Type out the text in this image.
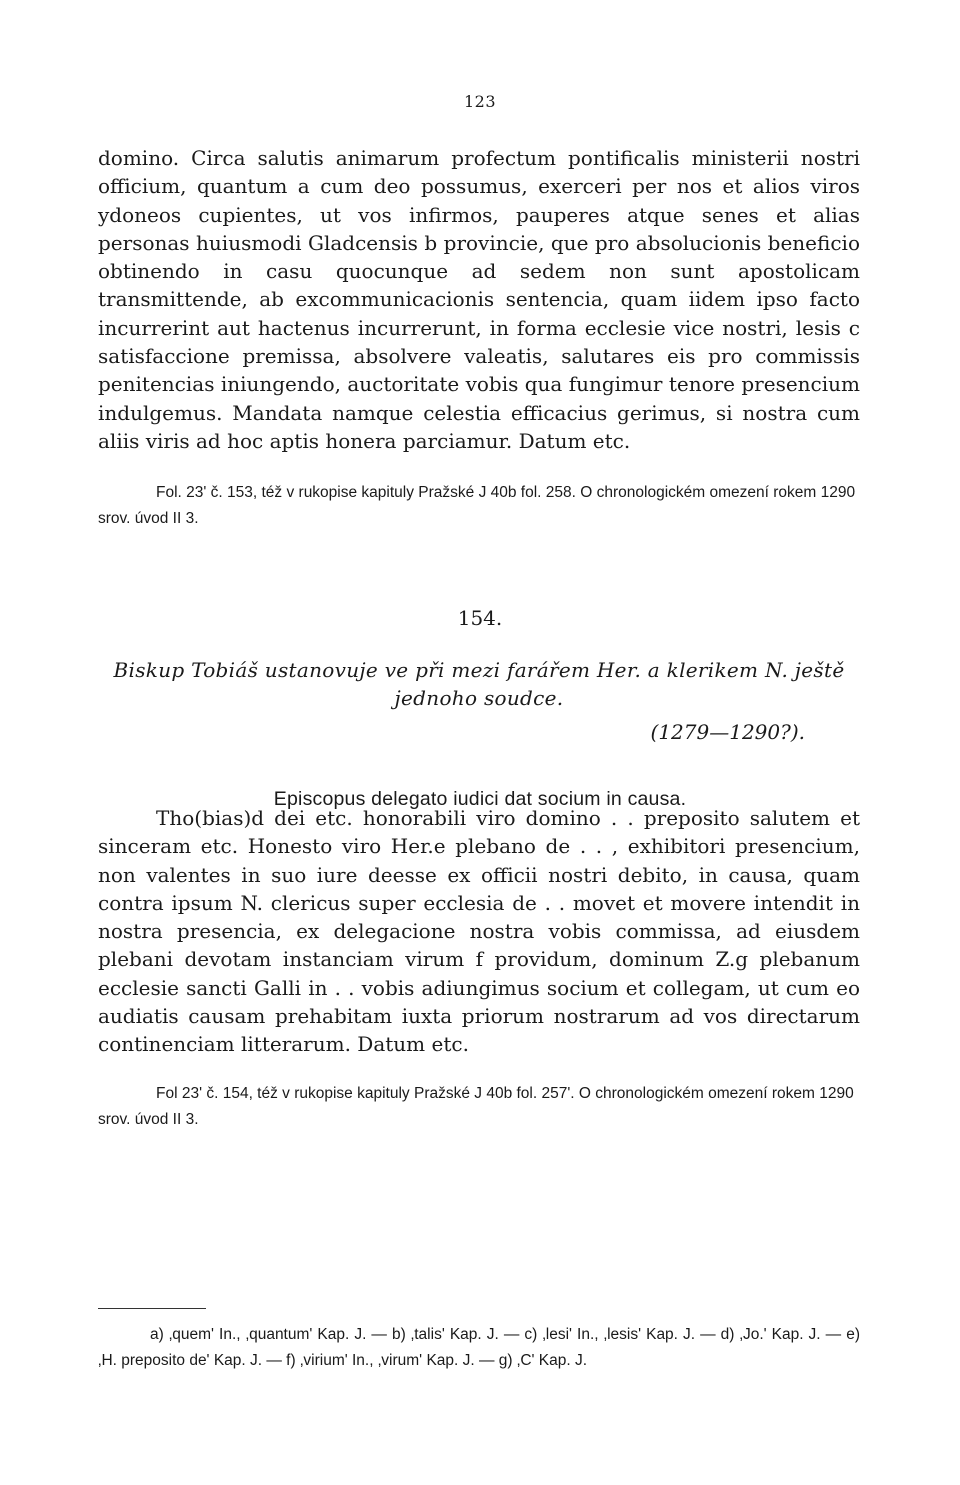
123

domino. Circa salutis animarum profectum pontificalis ministerii nostri officium, quantum a cum deo possumus, exerceri per nos et alios viros ydoneos cupientes, ut vos infirmos, pauperes atque senes et alias personas huiusmodi Gladcensis b provincie, que pro absolucionis beneficio obtinendo in casu quocunque ad sedem non sunt apostolicam transmittende, ab excommunicacionis sentencia, quam iidem ipso facto incurrerint aut hactenus incurrerunt, in forma ecclesie vice nostri, lesis c satisfaccione premissa, absolvere valeatis, salutares eis pro commissis penitencias iniungendo, auctoritate vobis qua fungimur tenore presencium indulgemus. Mandata namque celestia efficacius gerimus, si nostra cum aliis viris ad hoc aptis honera parciamur. Datum etc.

Fol. 23' č. 153, též v rukopise kapituly Pražské J 40b fol. 258. O chronologickém omezení rokem 1290 srov. úvod II 3.

154.

Biskup Tobiáš ustanovuje ve při mezi farářem Her. a klerikem N. ještě jednoho soudce.

(1279—1290?).
Episcopus delegato iudici dat socium in causa.

Tho(bias)d dei etc. honorabili viro domino . . preposito salutem et sinceram etc. Honesto viro Her.e plebano de . . , exhibitori presencium, non valentes in suo iure deesse ex officii nostri debito, in causa, quam contra ipsum N. clericus super ecclesia de . . movet et movere intendit in nostra presencia, ex delegacione nostra vobis commissa, ad eiusdem plebani devotam instanciam virum f providum, dominum Z.g plebanum ecclesie sancti Galli in . . vobis adiungimus socium et collegam, ut cum eo audiatis causam prehabitam iuxta priorum nostrarum ad vos directarum continenciam litterarum. Datum etc.

Fol 23' č. 154, též v rukopise kapituly Pražské J 40b fol. 257'. O chronologickém omezení rokem 1290 srov. úvod II 3.

a) ‚quem' In., ‚quantum' Kap. J. — b) ‚talis' Kap. J. — c) ‚lesi' In., ‚lesis' Kap. J. — d) ‚Jo.' Kap. J. — e) ‚H. preposito de' Kap. J. — f) ‚virium' In., ‚virum' Kap. J. — g) ‚C' Kap. J.
